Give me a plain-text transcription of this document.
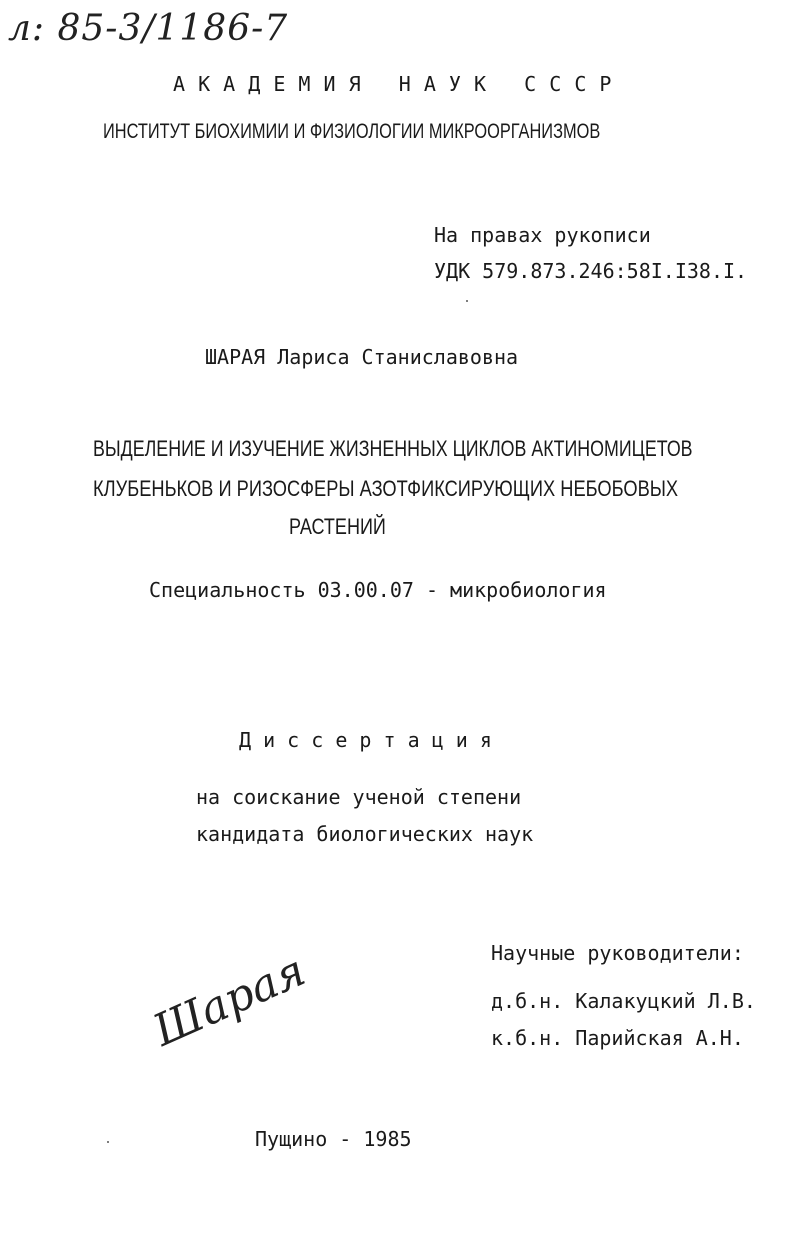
л: 85-3/1186-7
А К А Д Е М И Я   Н А У К   С С С Р
ИНСТИТУТ БИОХИМИИ И ФИЗИОЛОГИИ МИКРООРГАНИЗМОВ
На правах рукописи
УДК 579.873.246:58I.I38.I.
ШАРАЯ Лариса Станиславовна
ВЫДЕЛЕНИЕ И ИЗУЧЕНИЕ ЖИЗНЕННЫХ ЦИКЛОВ АКТИНОМИЦЕТОВ
КЛУБЕНЬКОВ И РИЗОСФЕРЫ АЗОТФИКСИРУЮЩИХ НЕБОБОВЫХ
РАСТЕНИЙ
Специальность 03.00.07 - микробиология
Д и с с е р т а ц и я
на соискание ученой степени
кандидата биологических наук
Научные руководители:
д.б.н. Калакуцкий Л.В.
к.б.н. Парийская А.Н.
Шарая
Пущино - 1985
